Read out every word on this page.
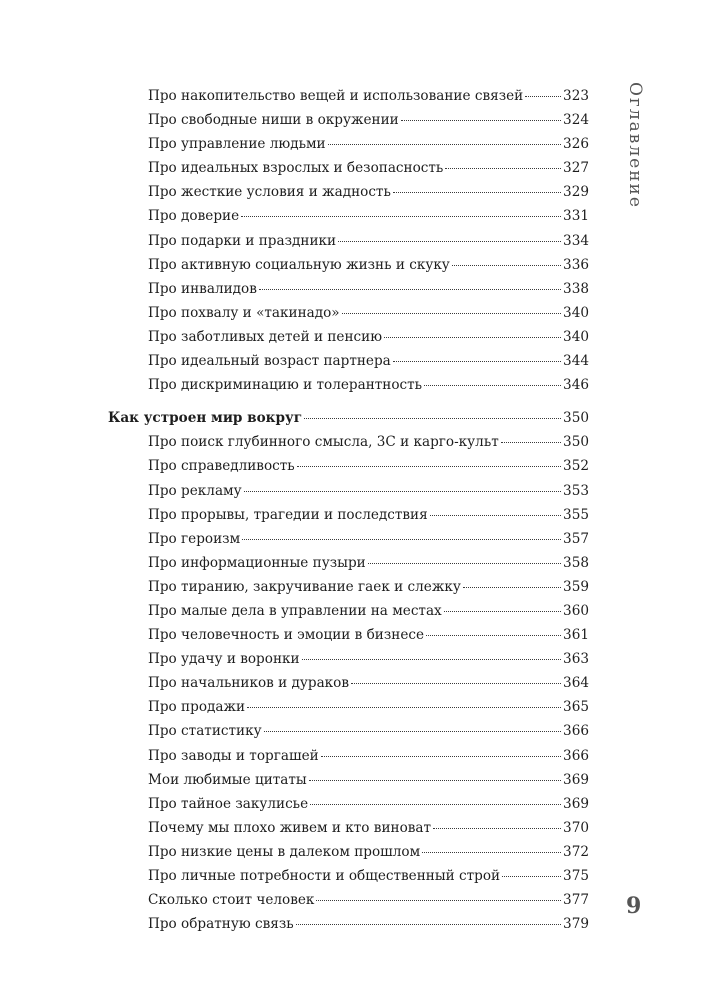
Оглавление
Про накопительство вещей и использование связей	323
Про свободные ниши в окружении	324
Про управление людьми	326
Про идеальных взрослых и безопасность	327
Про жесткие условия и жадность	329
Про доверие	331
Про подарки и праздники	334
Про активную социальную жизнь и скуку	336
Про инвалидов	338
Про похвалу и «такинадо»	340
Про заботливых детей и пенсию	340
Про идеальный возраст партнера	344
Про дискриминацию и толерантность	346
Как устроен мир вокруг	350
Про поиск глубинного смысла, 3С и карго-культ	350
Про справедливость	352
Про рекламу	353
Про прорывы, трагедии и последствия	355
Про героизм	357
Про информационные пузыри	358
Про тиранию, закручивание гаек и слежку	359
Про малые дела в управлении на местах	360
Про человечность и эмоции в бизнесе	361
Про удачу и воронки	363
Про начальников и дураков	364
Про продажи	365
Про статистику	366
Про заводы и торгашей	366
Мои любимые цитаты	369
Про тайное закулисье	369
Почему мы плохо живем и кто виноват	370
Про низкие цены в далеком прошлом	372
Про личные потребности и общественный строй	375
Сколько стоит человек	377
Про обратную связь	379
9
